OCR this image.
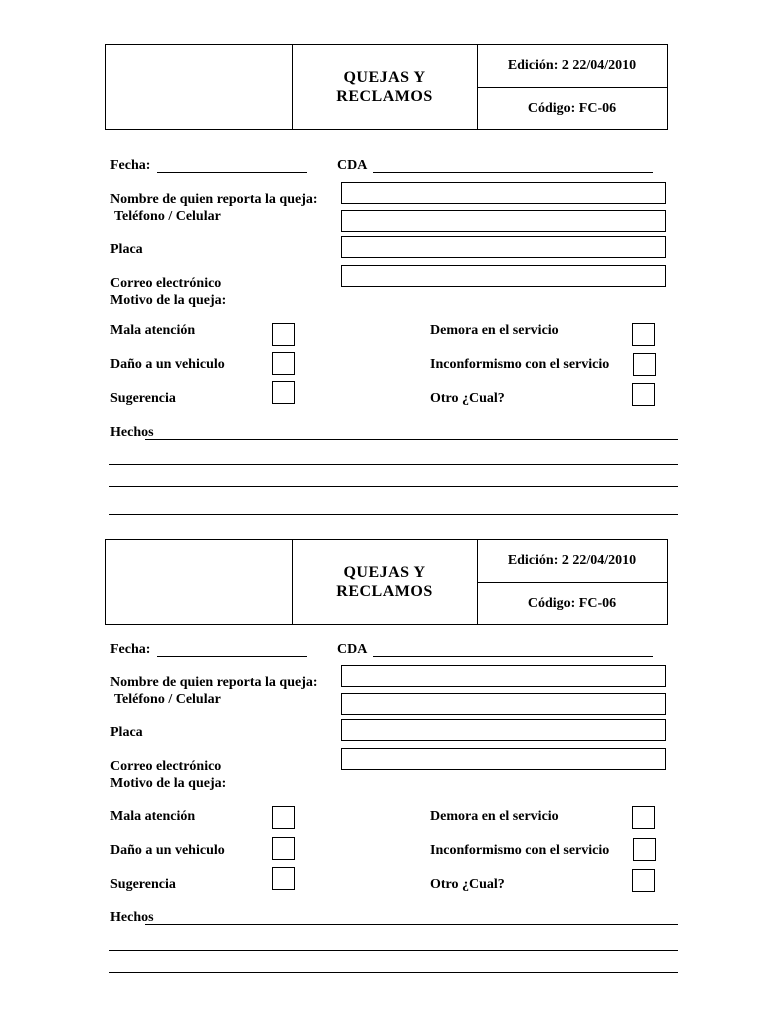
QUEJAS Y
RECLAMOS
Edición: 2 22/04/2010
Código: FC-06
Fecha:	CDA
Nombre de quien reporta la queja:
Teléfono / Celular
Placa
Correo electrónico
Motivo de la queja:
Mala atención
Daño a un vehiculo
Sugerencia
Demora en el servicio
Inconformismo con el servicio
Otro ¿Cual?
Hechos
QUEJAS Y
RECLAMOS
Edición: 2 22/04/2010
Código: FC-06
Fecha:	CDA
Nombre de quien reporta la queja:
Teléfono / Celular
Placa
Correo electrónico
Motivo de la queja:
Mala atención
Daño a un vehiculo
Sugerencia
Demora en el servicio
Inconformismo con el servicio
Otro ¿Cual?
Hechos
